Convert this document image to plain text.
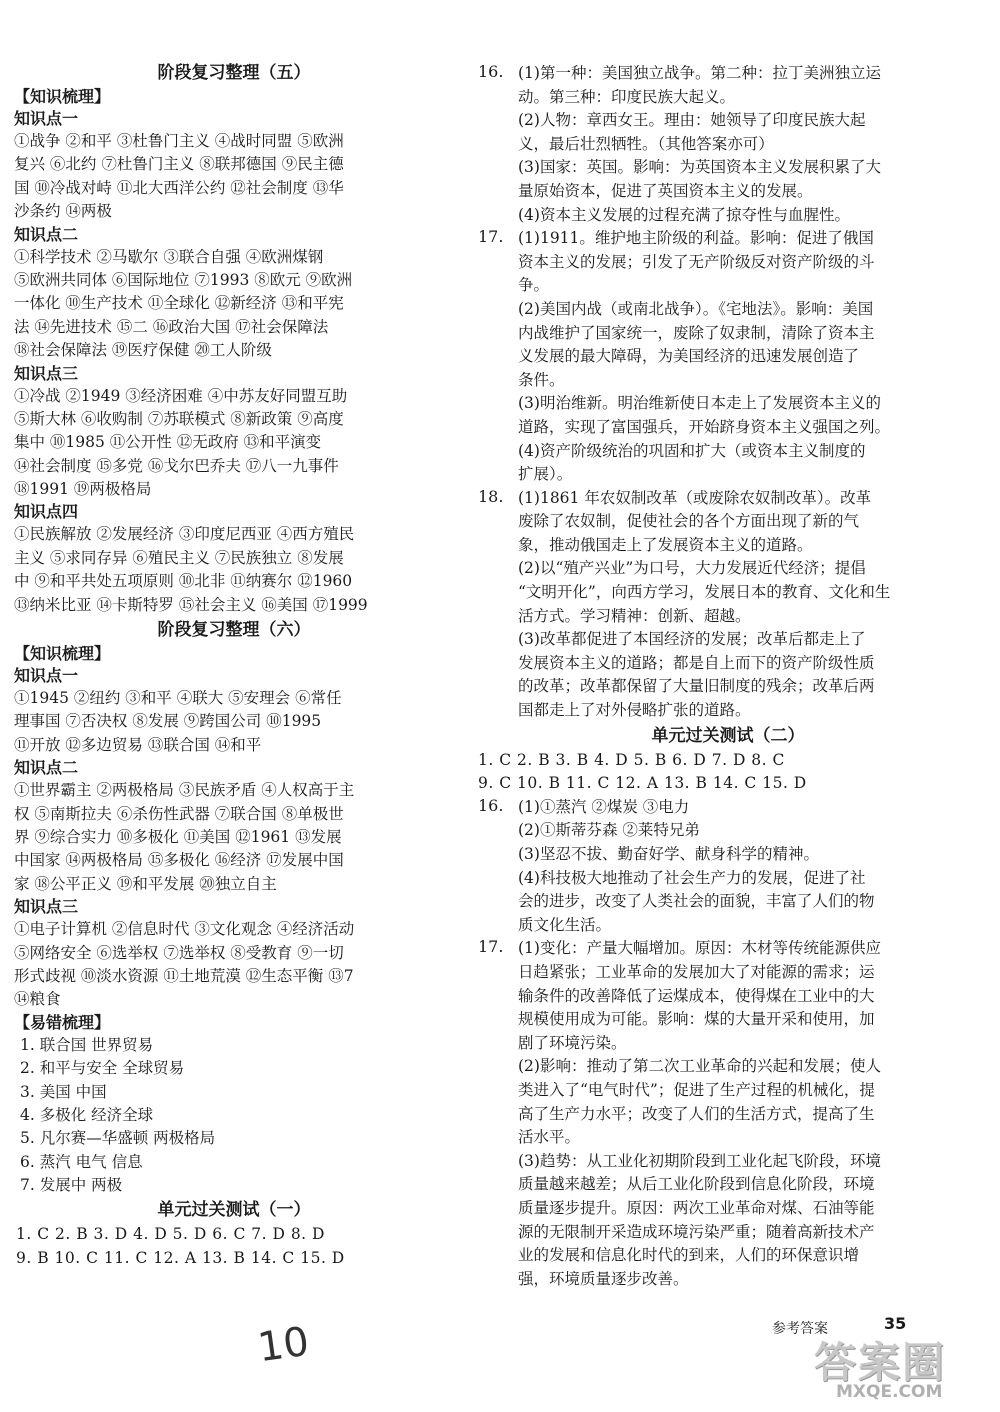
阶段复习整理（五）
【知识梳理】
知识点一
①战争 ②和平 ③杜鲁门主义 ④战时同盟 ⑤欧洲
复兴 ⑥北约 ⑦杜鲁门主义 ⑧联邦德国 ⑨民主德
国 ⑩冷战对峙 ⑪北大西洋公约 ⑫社会制度 ⑬华
沙条约 ⑭两极
知识点二
①科学技术 ②马歇尔 ③联合自强 ④欧洲煤钢
⑤欧洲共同体 ⑥国际地位 ⑦1993 ⑧欧元 ⑨欧洲
一体化 ⑩生产技术 ⑪全球化 ⑫新经济 ⑬和平宪
法 ⑭先进技术 ⑮二 ⑯政治大国 ⑰社会保障法
⑱社会保障法 ⑲医疗保健 ⑳工人阶级
知识点三
①冷战 ②1949 ③经济困难 ④中苏友好同盟互助
⑤斯大林 ⑥收购制 ⑦苏联模式 ⑧新政策 ⑨高度
集中 ⑩1985 ⑪公开性 ⑫无政府 ⑬和平演变
⑭社会制度 ⑮多党 ⑯戈尔巴乔夫 ⑰八一九事件
⑱1991 ⑲两极格局
知识点四
①民族解放 ②发展经济 ③印度尼西亚 ④西方殖民
主义 ⑤求同存异 ⑥殖民主义 ⑦民族独立 ⑧发展
中 ⑨和平共处五项原则 ⑩北非 ⑪纳赛尔 ⑫1960
⑬纳米比亚 ⑭卡斯特罗 ⑮社会主义 ⑯美国 ⑰1999
阶段复习整理（六）
【知识梳理】
知识点一
①1945 ②纽约 ③和平 ④联大 ⑤安理会 ⑥常任
理事国 ⑦否决权 ⑧发展 ⑨跨国公司 ⑩1995
⑪开放 ⑫多边贸易 ⑬联合国 ⑭和平
知识点二
①世界霸主 ②两极格局 ③民族矛盾 ④人权高于主
权 ⑤南斯拉夫 ⑥杀伤性武器 ⑦联合国 ⑧单极世
界 ⑨综合实力 ⑩多极化 ⑪美国 ⑫1961 ⑬发展
中国家 ⑭两极格局 ⑮多极化 ⑯经济 ⑰发展中国
家 ⑱公平正义 ⑲和平发展 ⑳独立自主
知识点三
①电子计算机 ②信息时代 ③文化观念 ④经济活动
⑤网络安全 ⑥选举权 ⑦选举权 ⑧受教育 ⑨一切
形式歧视 ⑩淡水资源 ⑪土地荒漠 ⑫生态平衡 ⑬7
⑭粮食
【易错梳理】
1. 联合国 世界贸易
2. 和平与安全 全球贸易
3. 美国 中国
4. 多极化 经济全球
5. 凡尔赛—华盛顿 两极格局
6. 蒸汽 电气 信息
7. 发展中 两极
单元过关测试（一）
1. C 2. B 3. D 4. D 5. D 6. C 7. D 8. D
9. B 10. C 11. C 12. A 13. B 14. C 15. D
16. (1)第一种：美国独立战争。第二种：拉丁美洲独立运
动。第三种：印度民族大起义。
(2)人物：章西女王。理由：她领导了印度民族大起
义，最后壮烈牺牲。（其他答案亦可）
(3)国家：英国。影响：为英国资本主义发展积累了大
量原始资本，促进了英国资本主义的发展。
(4)资本主义发展的过程充满了掠夺性与血腥性。
17. (1)1911。维护地主阶级的利益。影响：促进了俄国
资本主义的发展；引发了无产阶级反对资产阶级的斗
争。
(2)美国内战（或南北战争）。《宅地法》。影响：美国
内战维护了国家统一，废除了奴隶制，清除了资本主
义发展的最大障碍，为美国经济的迅速发展创造了
条件。
(3)明治维新。明治维新使日本走上了发展资本主义的
道路，实现了富国强兵，开始跻身资本主义强国之列。
(4)资产阶级统治的巩固和扩大（或资本主义制度的
扩展）。
18. (1)1861 年农奴制改革（或废除农奴制改革）。改革
废除了农奴制，促使社会的各个方面出现了新的气
象，推动俄国走上了发展资本主义的道路。
(2)以“殖产兴业”为口号，大力发展近代经济；提倡
“文明开化”，向西方学习，发展日本的教育、文化和生
活方式。学习精神：创新、超越。
(3)改革都促进了本国经济的发展；改革后都走上了
发展资本主义的道路；都是自上而下的资产阶级性质
的改革；改革都保留了大量旧制度的残余；改革后两
国都走上了对外侵略扩张的道路。
单元过关测试（二）
1. C 2. B 3. B 4. D 5. B 6. D 7. D 8. C
9. C 10. B 11. C 12. A 13. B 14. C 15. D
16. (1)①蒸汽 ②煤炭 ③电力
(2)①斯蒂芬森 ②莱特兄弟
(3)坚忍不拔、勤奋好学、献身科学的精神。
(4)科技极大地推动了社会生产力的发展，促进了社
会的进步，改变了人类社会的面貌，丰富了人们的物
质文化生活。
17. (1)变化：产量大幅增加。原因：木材等传统能源供应
日趋紧张；工业革命的发展加大了对能源的需求；运
输条件的改善降低了运煤成本，使得煤在工业中的大
规模使用成为可能。影响：煤的大量开采和使用，加
剧了环境污染。
(2)影响：推动了第二次工业革命的兴起和发展；使人
类进入了“电气时代”；促进了生产过程的机械化，提
高了生产力水平；改变了人们的生活方式，提高了生
活水平。
(3)趋势：从工业化初期阶段到工业化起飞阶段，环境
质量越来越差；从后工业化阶段到信息化阶段，环境
质量逐步提升。原因：两次工业革命对煤、石油等能
源的无限制开采造成环境污染严重；随着高新技术产
业的发展和信息化时代的到来，人们的环保意识增
强，环境质量逐步改善。
10	参考答案	35
答案圈
MXQE.COM
